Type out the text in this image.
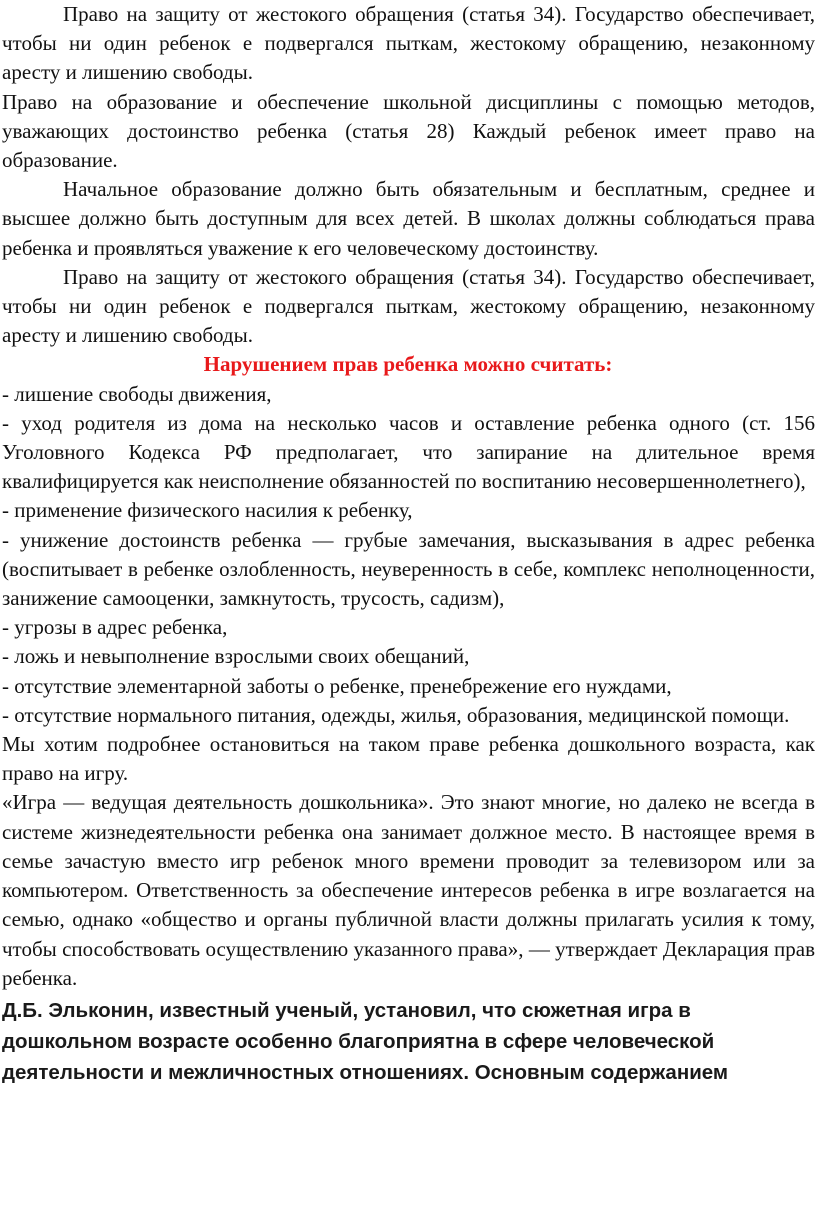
Право на защиту от жестокого обращения (статья 34). Государство обеспечивает, чтобы ни один ребенок е подвергался пыткам, жестокому обращению, незаконному аресту и лишению свободы.

Право на образование и обеспечение школьной дисциплины с помощью методов, уважающих достоинство ребенка (статья 28) Каждый ребенок имеет право на образование.

Начальное образование должно быть обязательным и бесплатным, среднее и высшее должно быть доступным для всех детей. В школах должны соблюдаться права ребенка и проявляться уважение к его человеческому достоинству.

Право на защиту от жестокого обращения (статья 34). Государство обеспечивает, чтобы ни один ребенок е подвергался пыткам, жестокому обращению, незаконному аресту и лишению свободы.

Нарушением прав ребенка можно считать:

- лишение свободы движения,

- уход родителя из дома на несколько часов и оставление ребенка одного (ст. 156 Уголовного Кодекса РФ предполагает, что запирание на длительное время квалифицируется как неисполнение обязанностей по воспитанию несовершеннолетнего),

- применение физического насилия к ребенку,

- унижение достоинств ребенка — грубые замечания, высказывания в адрес ребенка (воспитывает в ребенке озлобленность, неуверенность в себе, комплекс неполноценности, занижение самооценки, замкнутость, трусость, садизм),

- угрозы в адрес ребенка,

- ложь и невыполнение взрослыми своих обещаний,

- отсутствие элементарной заботы о ребенке, пренебрежение его нуждами,

- отсутствие нормального питания, одежды, жилья, образования, медицинской помощи.

Мы хотим подробнее остановиться на таком праве ребенка дошкольного возраста, как право на игру.

«Игра — ведущая деятельность дошкольника». Это знают многие, но далеко не всегда в системе жизнедеятельности ребенка она занимает должное место. В настоящее время в семье зачастую вместо игр ребенок много времени проводит за телевизором или за компьютером. Ответственность за обеспечение интересов ребенка в игре возлагается на семью, однако «общество и органы публичной власти должны прилагать усилия к тому, чтобы способствовать осуществлению указанного права», — утверждает Декларация прав ребенка.

Д.Б. Эльконин, известный ученый, установил, что сюжетная игра в дошкольном возрасте особенно благоприятна в сфере человеческой деятельности и межличностных отношениях. Основным содержанием
